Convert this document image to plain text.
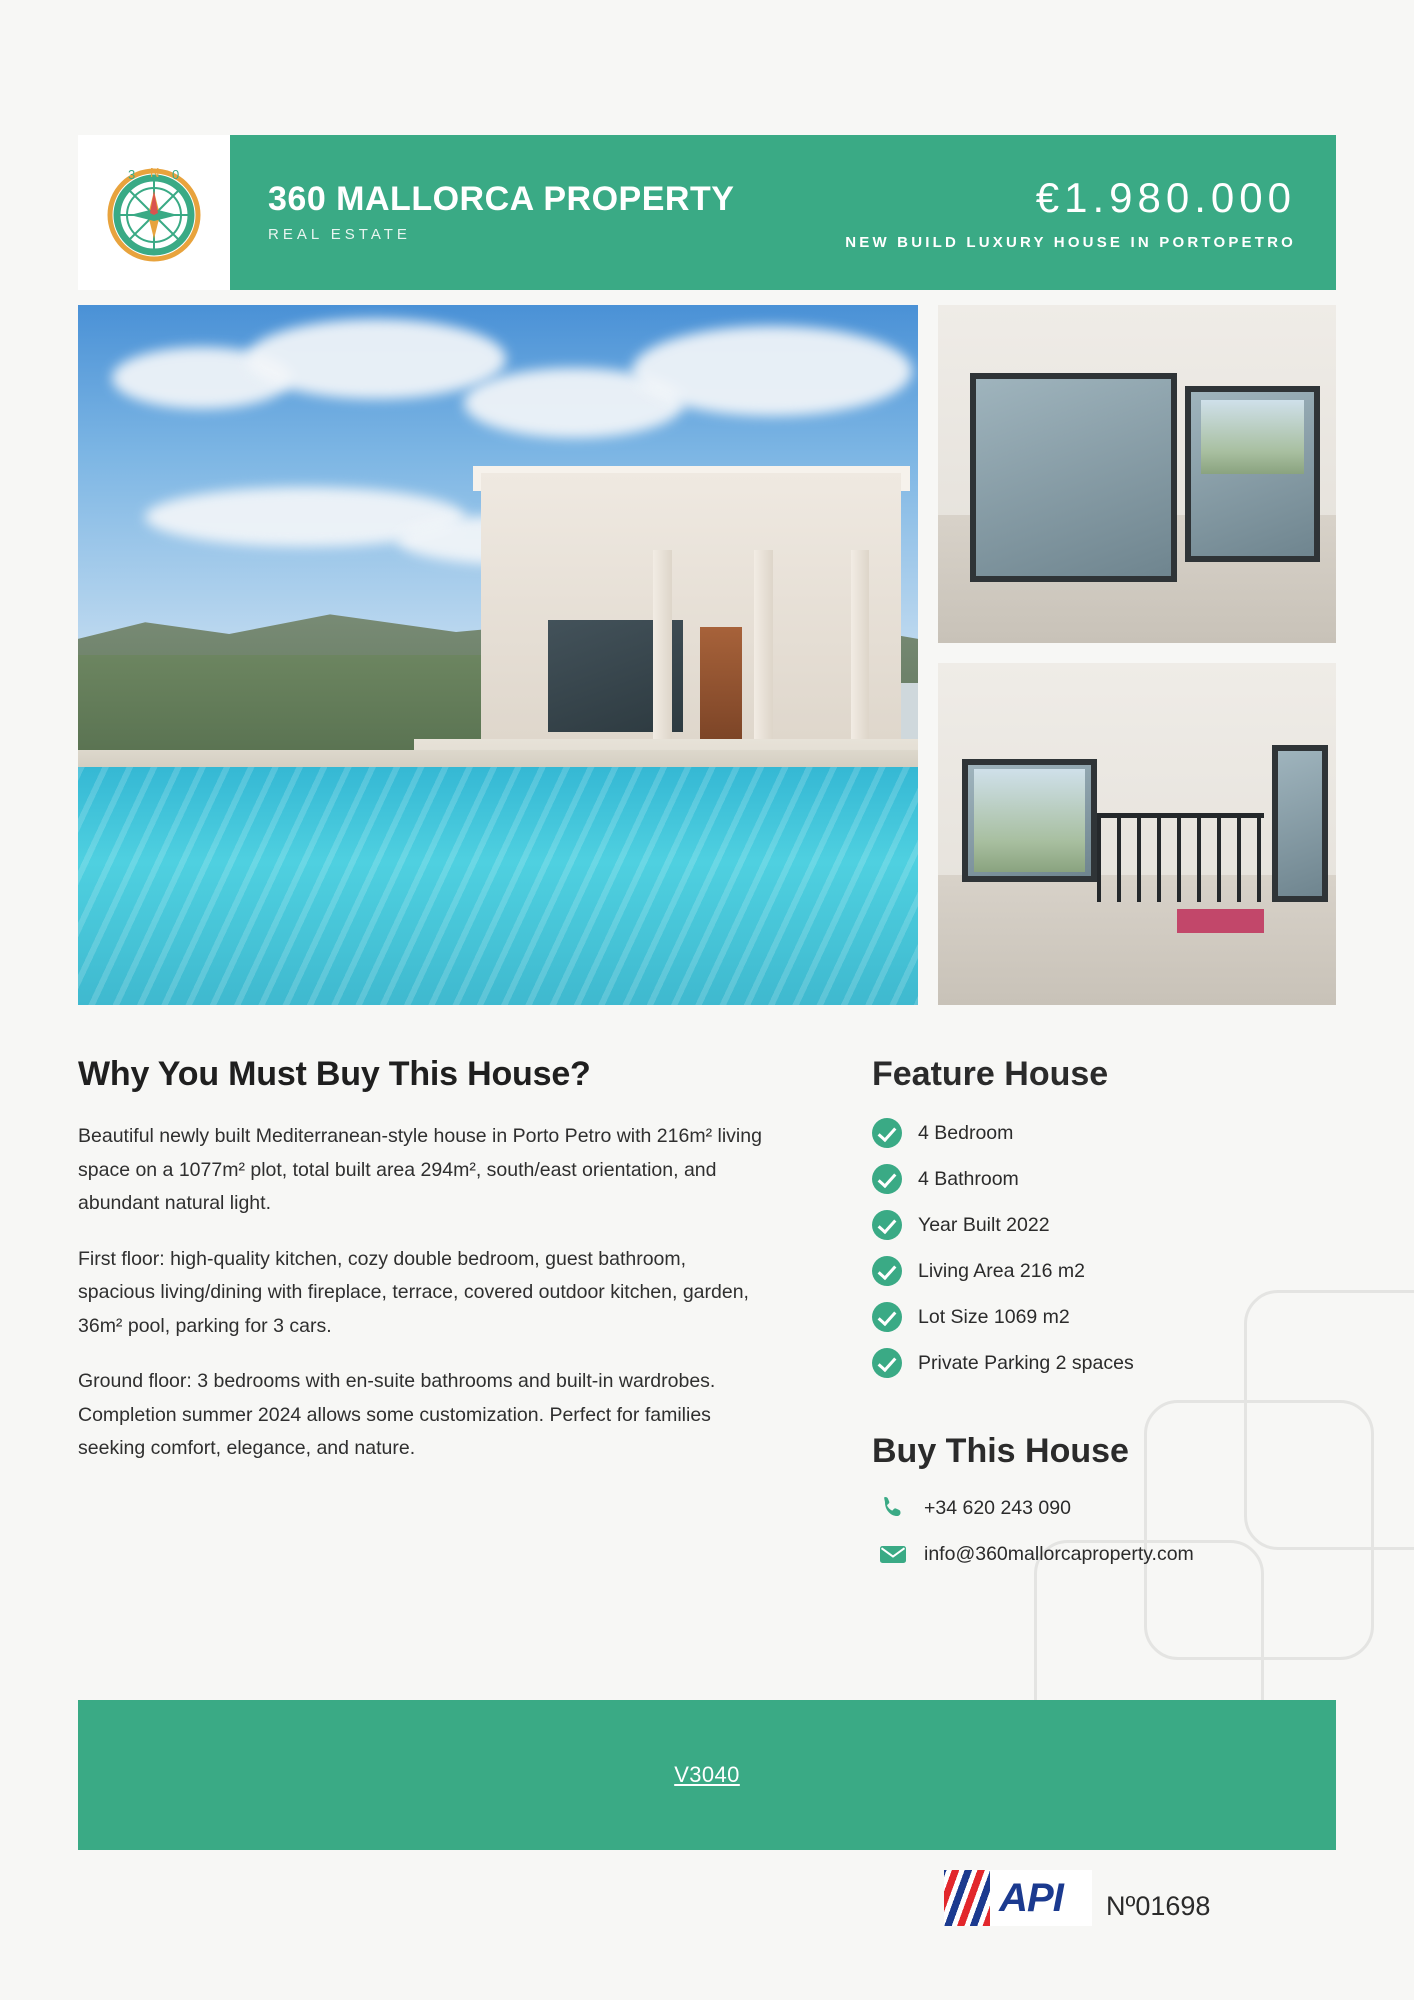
360 MALLORCA PROPERTY
REAL ESTATE
€1.980.000
NEW BUILD LUXURY HOUSE IN PORTOPETRO
3 N 0
Why You Must Buy This House?

Beautiful newly built Mediterranean-style house in Porto Petro with 216m² living space on a 1077m² plot, total built area 294m², south/east orientation, and abundant natural light.

First floor: high-quality kitchen, cozy double bedroom, guest bathroom, spacious living/dining with fireplace, terrace, covered outdoor kitchen, garden, 36m² pool, parking for 3 cars.

Ground floor: 3 bedrooms with en-suite bathrooms and built-in wardrobes. Completion summer 2024 allows some customization. Perfect for families seeking comfort, elegance, and nature.

Feature House
4 Bedroom
4 Bathroom
Year Built 2022
Living Area 216 m2
Lot Size 1069 m2
Private Parking 2 spaces
Buy This House
+34 620 243 090
info@360mallorcaproperty.com
V3040
API Nº01698
